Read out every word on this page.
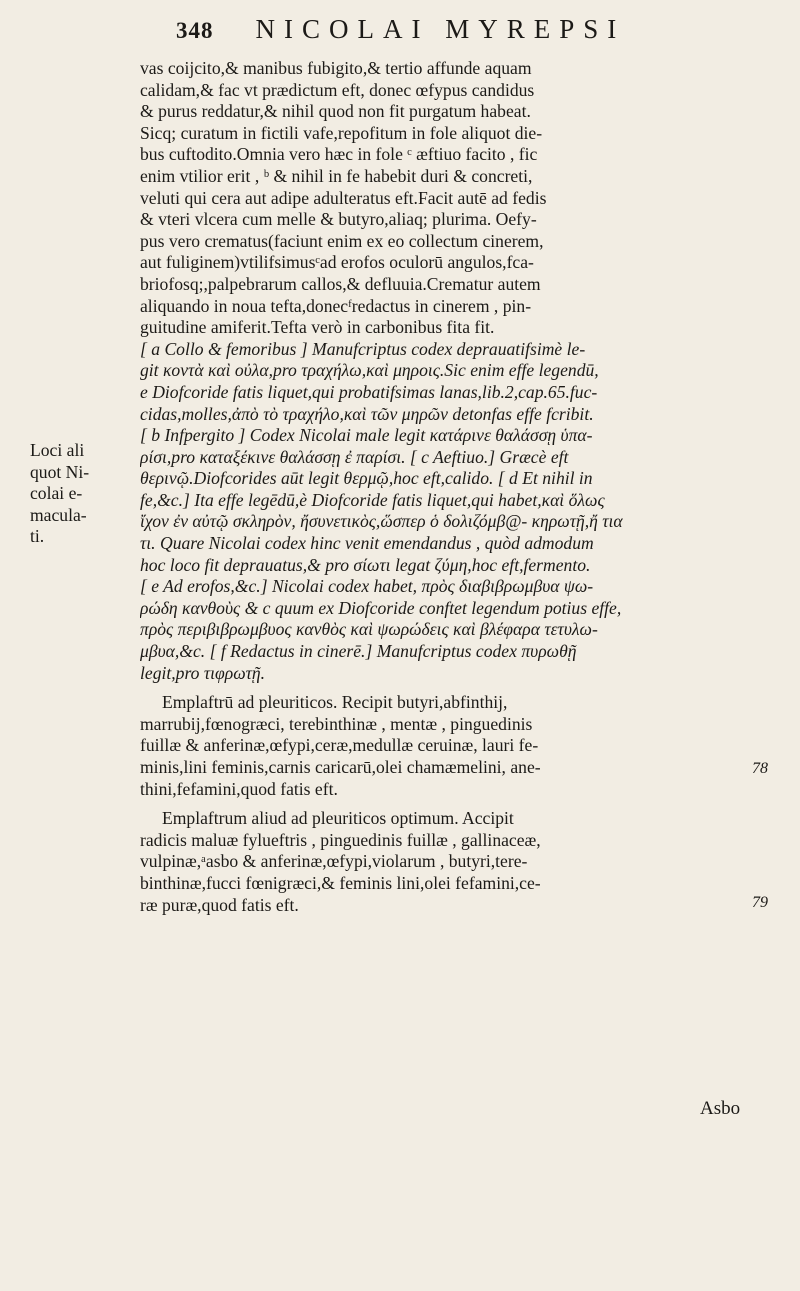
348 NICOLAI MYREPSI
Loci ali
quot Ni-
colai e-
macula-
ti.
vas coijcito,& manibus fubigito,& tertio affunde aquam
calidam,& fac vt prædictum eft, donec œfypus candidus
& purus reddatur,& nihil quod non fit purgatum habeat.
Sicq; curatum in fictili vafe,repofitum in fole aliquot die-
bus cuftodito.Omnia vero hæc in fole ᶜ æftiuo facito , fic
enim vtilior erit , ᵇ & nihil in fe habebit duri & concreti,
veluti qui cera aut adipe adulteratus eft.Facit autē ad fedis
& vteri vlcera cum melle & butyro,aliaq; plurima. Oefy-
pus vero crematus(faciunt enim ex eo collectum cinerem,
aut fuliginem)vtilifsimusᶜad erofos oculorū angulos,fca-
briofosq;,palpebrarum callos,& defluuia.Crematur autem
aliquando in noua tefta,donecᶠredactus in cinerem , pin-
guitudine amiferit.Tefta verò in carbonibus fita fit.
[ a Collo & femoribus ] Manufcriptus codex deprauatifsimè le-
git κοντὰ καὶ οὐλα,pro τραχήλω,καὶ μηροις.Sic enim effe legendū,
e Diofcoride fatis liquet,qui probatifsimas lanas,lib.2,cap.65.fuc-
cidas,molles,ἀπὸ τὸ τραχήλο,καὶ τῶν μηρῶν detonfas effe fcribit.
[ b Infpergito ] Codex Nicolai male legit κατάρινε θαλάσσῃ ὑπα-
ρίσι,pro καταξέκινε θαλάσσῃ ἐ παρίσι. [ c Aeftiuo.] Græcè eft
θερινῷ.Diofcorides aūt legit θερμῷ,hoc eft,calido. [ d Et nihil in
fe,&c.] Ita effe legēdū,è Diofcoride fatis liquet,qui habet,καὶ ὅλως
ἴχον ἐν αὐτῷ σκληρὸν, ἤσυνετικὸς,ὥσπερ ὁ δολιζόμβ@- κηρωτῇ,ἤ τια
τι. Quare Nicolai codex hinc venit emendandus , quòd admodum
hoc loco fit deprauatus,& pro σίωτι legat ζύμη,hoc eft,fermento.
[ e Ad erofos,&c.] Nicolai codex habet, πρὸς διαβιβρωμβυα ψω-
ρώδη κανθοὺς & c quum ex Diofcoride conftet legendum potius effe,
πρὸς περιβιβρωμβυος κανθὸς καὶ ψωρώδεις καὶ βλέφαρα τετυλω-
μβυα,&c. [ f Redactus in cinerē.] Manufcriptus codex πυρωθῇ
legit,pro τιφρωτῇ.
Emplaftrū ad pleuriticos. Recipit butyri,abfinthij,
marrubij,fœnogræci, terebinthinæ , mentæ , pinguedinis
fuillæ & anferinæ,œfypi,ceræ,medullæ ceruinæ, lauri fe-
minis,lini feminis,carnis caricarū,olei chamæmelini, ane-
thini,fefamini,quod fatis eft.
Emplaftrum aliud ad pleuriticos optimum. Accipit
radicis maluæ fylueftris , pinguedinis fuillæ , gallinaceæ,
vulpinæ,ᵃasbo & anferinæ,œfypi,violarum , butyri,tere-
binthinæ,fucci fœnigræci,& feminis lini,olei fefamini,ce-
ræ puræ,quod fatis eft.
78
79
Asbo
